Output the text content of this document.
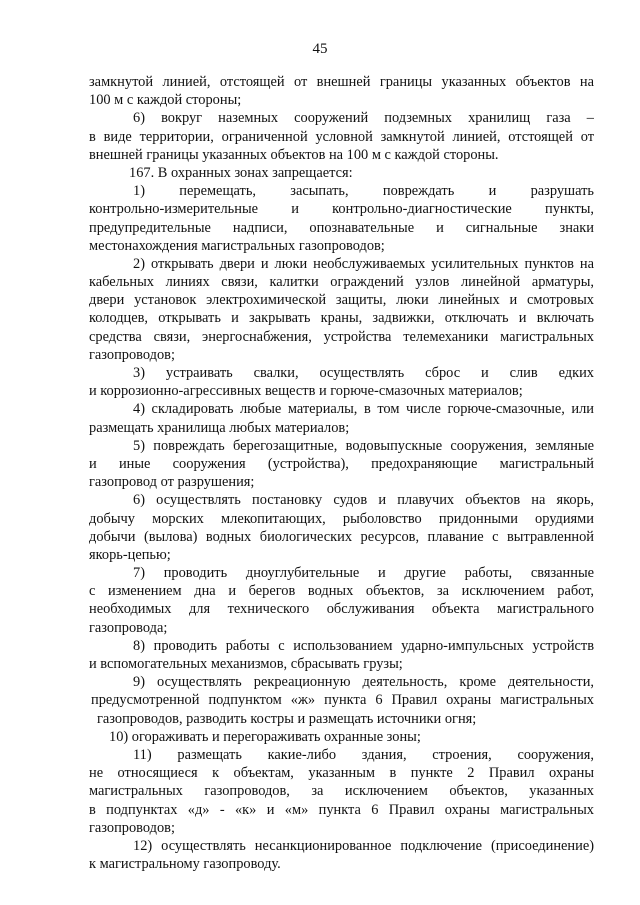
45
замкнутой линией, отстоящей от внешней границы указанных объектов на
100 м с каждой стороны;
6) вокруг наземных сооружений подземных хранилищ газа –
в виде территории, ограниченной условной замкнутой линией, отстоящей от
внешней границы указанных объектов на 100 м с каждой стороны.
167. В охранных зонах запрещается:
1) перемещать, засыпать, повреждать и разрушать
контрольно-измерительные и контрольно-диагностические пункты,
предупредительные надписи, опознавательные и сигнальные знаки
местонахождения магистральных газопроводов;
2) открывать двери и люки необслуживаемых усилительных пунктов на
кабельных линиях связи, калитки ограждений узлов линейной арматуры,
двери установок электрохимической защиты, люки линейных и смотровых
колодцев, открывать и закрывать краны, задвижки, отключать и включать
средства связи, энергоснабжения, устройства телемеханики магистральных
газопроводов;
3) устраивать свалки, осуществлять сброс и слив едких
и коррозионно-агрессивных веществ и горюче-смазочных материалов;
4) складировать любые материалы, в том числе горюче-смазочные, или
размещать хранилища любых материалов;
5) повреждать берегозащитные, водовыпускные сооружения, земляные
и иные сооружения (устройства), предохраняющие магистральный
газопровод от разрушения;
6) осуществлять постановку судов и плавучих объектов на якорь,
добычу морских млекопитающих, рыболовство придонными орудиями
добычи (вылова) водных биологических ресурсов, плавание с вытравленной
якорь-цепью;
7) проводить дноуглубительные и другие работы, связанные
с изменением дна и берегов водных объектов, за исключением работ,
необходимых для технического обслуживания объекта магистрального
газопровода;
8) проводить работы с использованием ударно-импульсных устройств
и вспомогательных механизмов, сбрасывать грузы;
9) осуществлять рекреационную деятельность, кроме деятельности,
предусмотренной подпунктом «ж» пункта 6 Правил охраны магистральных
газопроводов, разводить костры и размещать источники огня;
10) огораживать и перегораживать охранные зоны;
11) размещать какие-либо здания, строения, сооружения,
не относящиеся к объектам, указанным в пункте 2 Правил охраны
магистральных газопроводов, за исключением объектов, указанных
в подпунктах «д» - «к» и «м» пункта 6 Правил охраны магистральных
газопроводов;
12) осуществлять несанкционированное подключение (присоединение)
к магистральному газопроводу.
